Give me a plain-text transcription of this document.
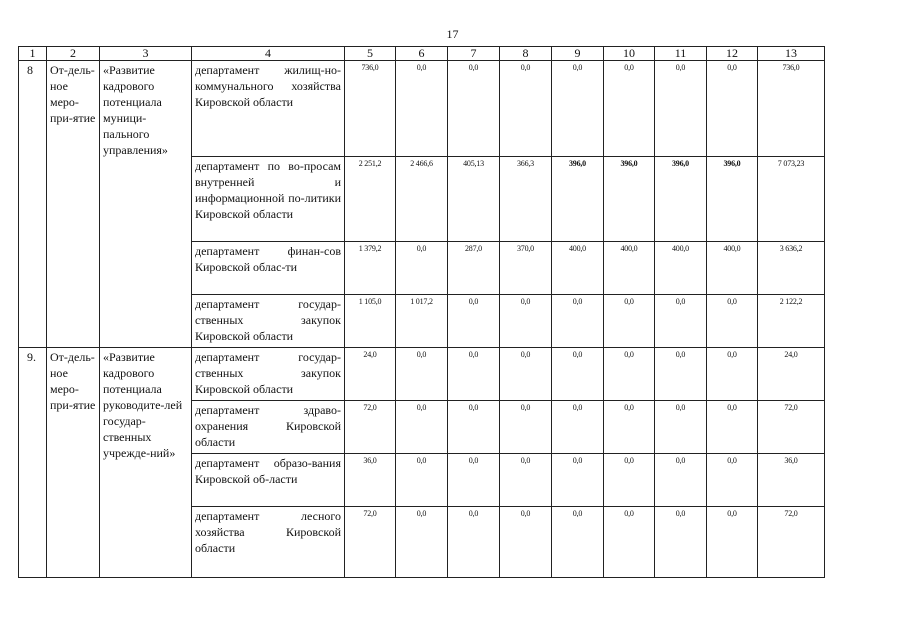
17
1	2	3	4	5	6	7	8	9	10	11	12	13
8	От-дель-ное меро-при-ятие	«Развитие кадрового потенциала муници-пального управления»	департамент жилищ-но-коммунального хозяйства Кировской области	736,0	0,0	0,0	0,0	0,0	0,0	0,0	0,0	736,0
			департамент по во-просам внутренней и информационной по-литики Кировской области	2 251,2	2 466,6	405,13	366,3	396,0	396,0	396,0	396,0	7 073,23
			департамент финан-сов Кировской облас-ти	1 379,2	0,0	287,0	370,0	400,0	400,0	400,0	400,0	3 636,2
			департамент государ-ственных закупок Кировской области	1 105,0	1 017,2	0,0	0,0	0,0	0,0	0,0	0,0	2 122,2
9.	От-дель-ное меро-при-ятие	«Развитие кадрового потенциала руководите-лей государ-ственных учрежде-ний»	департамент государ-ственных закупок Кировской области	24,0	0,0	0,0	0,0	0,0	0,0	0,0	0,0	24,0
			департамент здраво-охранения Кировской области	72,0	0,0	0,0	0,0	0,0	0,0	0,0	0,0	72,0
			департамент образо-вания Кировской об-ласти	36,0	0,0	0,0	0,0	0,0	0,0	0,0	0,0	36,0
			департамент лесного хозяйства Кировской области	72,0	0,0	0,0	0,0	0,0	0,0	0,0	0,0	72,0
